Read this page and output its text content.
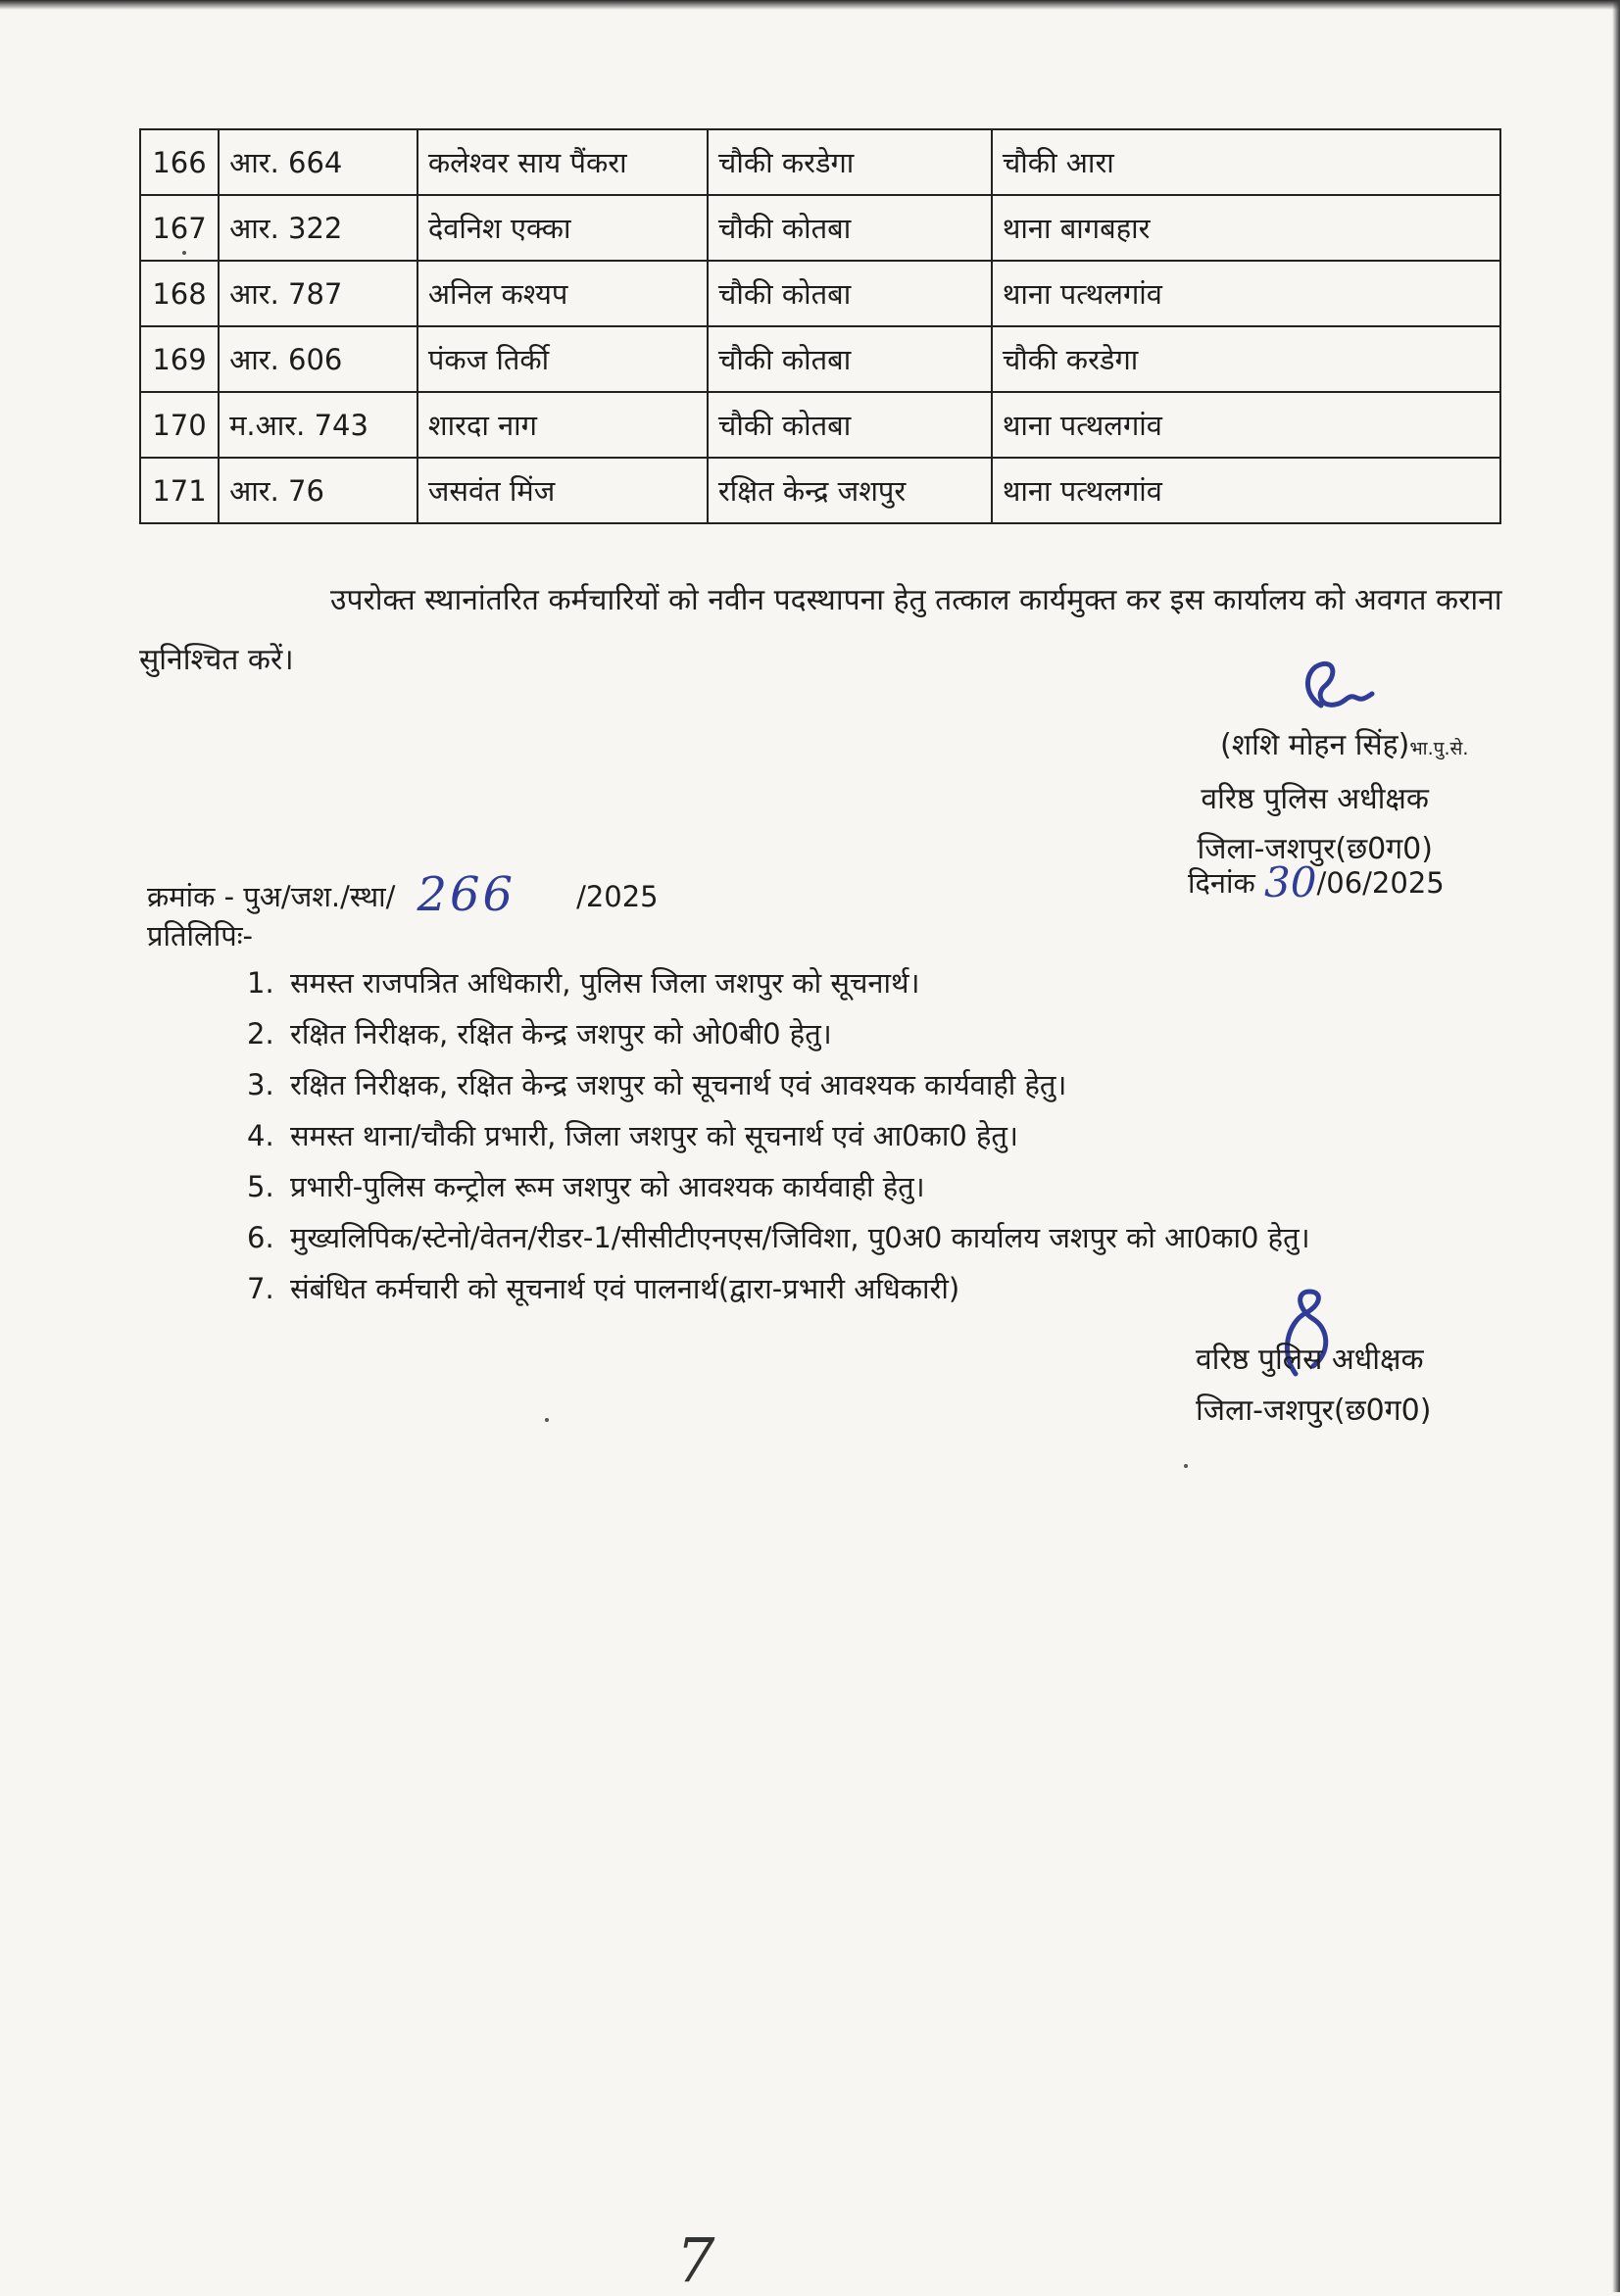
166	आर. 664	कलेश्वर साय पैंकरा	चौकी करडेगा	चौकी आरा
167	आर. 322	देवनिश एक्का	चौकी कोतबा	थाना बागबहार
168	आर. 787	अनिल कश्यप	चौकी कोतबा	थाना पत्थलगांव
169	आर. 606	पंकज तिर्की	चौकी कोतबा	चौकी करडेगा
170	म.आर. 743	शारदा नाग	चौकी कोतबा	थाना पत्थलगांव
171	आर. 76	जसवंत मिंज	रक्षित केन्द्र जशपुर	थाना पत्थलगांव
उपरोक्त स्थानांतरित कर्मचारियों को नवीन पदस्थापना हेतु तत्काल कार्यमुक्त कर इस कार्यालय को अवगत कराना सुनिश्चित करें।
(शशि मोहन सिंह)भा.पु.से.
वरिष्ठ पुलिस अधीक्षक
जिला-जशपुर(छ0ग0)
क्रमांक - पुअ/जश./स्था/ 266 /2025	दिनांक 30/06/2025
प्रतिलिपिः-
1. समस्त राजपत्रित अधिकारी, पुलिस जिला जशपुर को सूचनार्थ।
2. रक्षित निरीक्षक, रक्षित केन्द्र जशपुर को ओ0बी0 हेतु।
3. रक्षित निरीक्षक, रक्षित केन्द्र जशपुर को सूचनार्थ एवं आवश्यक कार्यवाही हेतु।
4. समस्त थाना/चौकी प्रभारी, जिला जशपुर को सूचनार्थ एवं आ0का0 हेतु।
5. प्रभारी-पुलिस कन्ट्रोल रूम जशपुर को आवश्यक कार्यवाही हेतु।
6. मुख्यलिपिक/स्टेनो/वेतन/रीडर-1/सीसीटीएनएस/जिविशा, पु0अ0 कार्यालय जशपुर को आ0का0 हेतु।
7. संबंधित कर्मचारी को सूचनार्थ एवं पालनार्थ(द्वारा-प्रभारी अधिकारी)
वरिष्ठ पुलिस अधीक्षक
जिला-जशपुर(छ0ग0)
7
